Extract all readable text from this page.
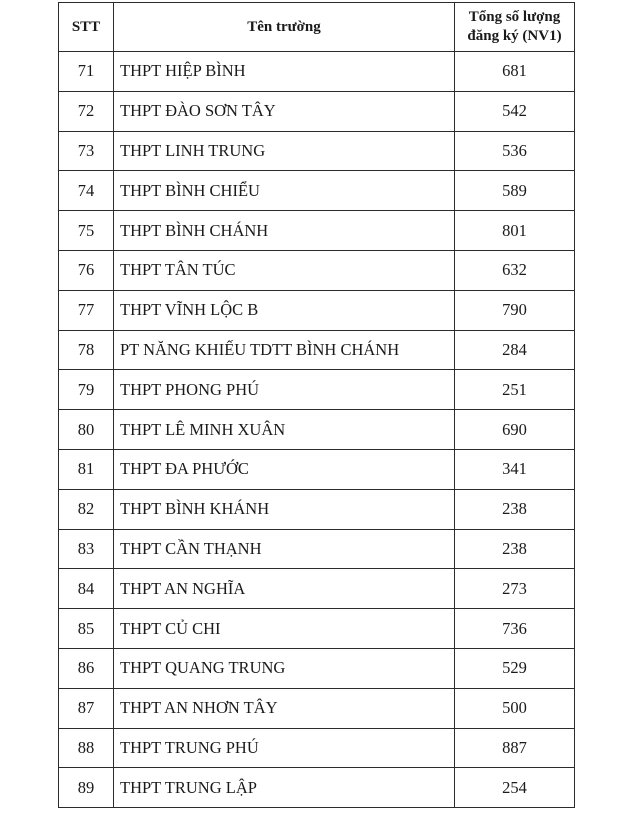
STT	Tên trường	Tổng số lượng
đăng ký (NV1)

71	THPT HIỆP BÌNH	681
72	THPT ĐÀO SƠN TÂY	542
73	THPT LINH TRUNG	536
74	THPT BÌNH CHIỂU	589
75	THPT BÌNH CHÁNH	801
76	THPT TÂN TÚC	632
77	THPT VĨNH LỘC B	790
78	PT NĂNG KHIẾU TDTT BÌNH CHÁNH	284
79	THPT PHONG PHÚ	251
80	THPT LÊ MINH XUÂN	690
81	THPT ĐA PHƯỚC	341
82	THPT BÌNH KHÁNH	238
83	THPT CẦN THẠNH	238
84	THPT AN NGHĨA	273
85	THPT CỦ CHI	736
86	THPT QUANG TRUNG	529
87	THPT AN NHƠN TÂY	500
88	THPT TRUNG PHÚ	887
89	THPT TRUNG LẬP	254
